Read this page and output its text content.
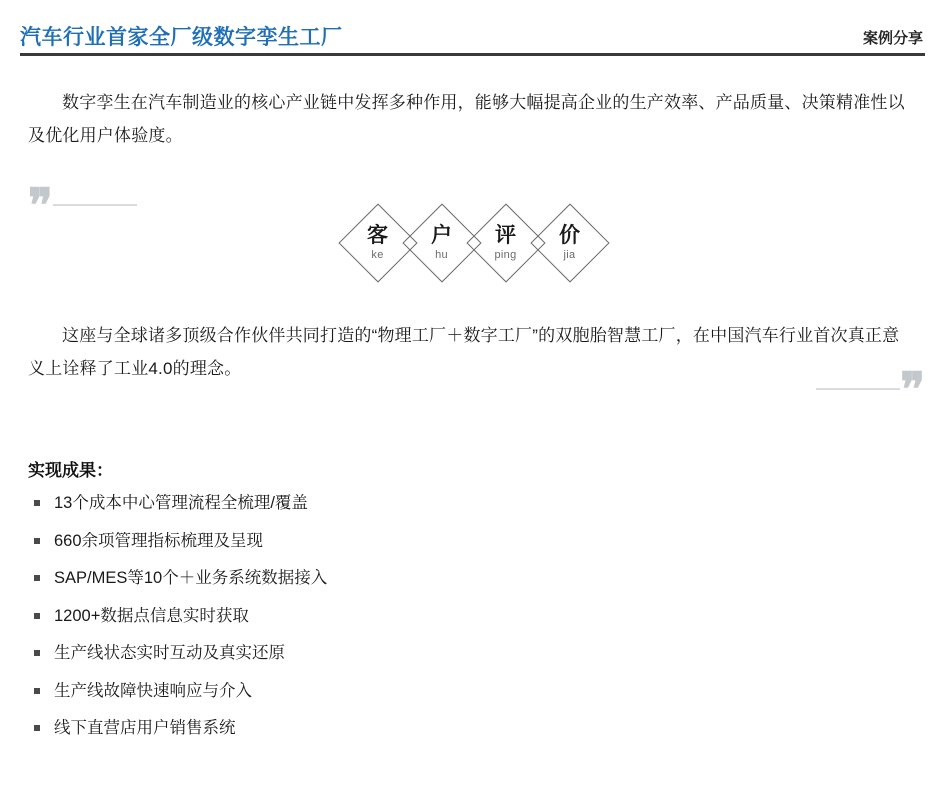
汽车行业首家全厂级数字孪生工厂	案例分享

数字孪生在汽车制造业的核心产业链中发挥多种作用，能够大幅提高企业的生产效率、产品质量、决策精准性以及优化用户体验度。

❞
客
ke
户
hu
评
ping
价
jia

这座与全球诸多顶级合作伙伴共同打造的“物理工厂＋数字工厂”的双胞胎智慧工厂，在中国汽车行业首次真正意义上诠释了工业4.0的理念。	❞
实现成果：
13个成本中心管理流程全梳理/覆盖
660余项管理指标梳理及呈现
SAP/MES等10个＋业务系统数据接入
1200+数据点信息实时获取
生产线状态实时互动及真实还原
生产线故障快速响应与介入
线下直营店用户销售系统
